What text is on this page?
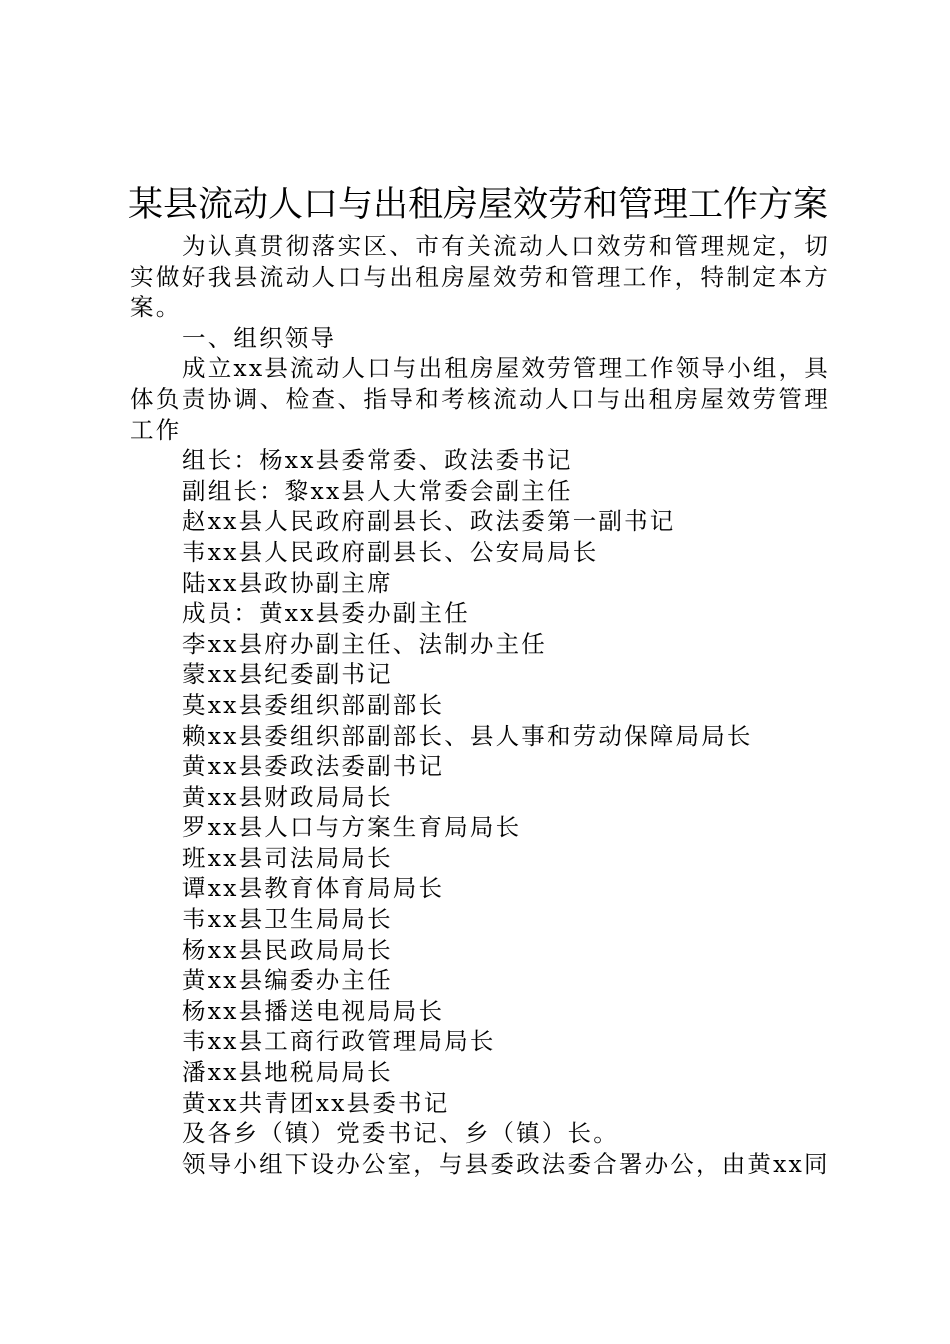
某县流动人口与出租房屋效劳和管理工作方案

为认真贯彻落实区、市有关流动人口效劳和管理规定，切实做好我县流动人口与出租房屋效劳和管理工作，特制定本方案。

一、组织领导

成立xx县流动人口与出租房屋效劳管理工作领导小组，具体负责协调、检查、指导和考核流动人口与出租房屋效劳管理工作

组长：杨xx县委常委、政法委书记

副组长：黎xx县人大常委会副主任

赵xx县人民政府副县长、政法委第一副书记

韦xx县人民政府副县长、公安局局长

陆xx县政协副主席

成员：黄xx县委办副主任

李xx县府办副主任、法制办主任

蒙xx县纪委副书记

莫xx县委组织部副部长

赖xx县委组织部副部长、县人事和劳动保障局局长

黄xx县委政法委副书记

黄xx县财政局局长

罗xx县人口与方案生育局局长

班xx县司法局局长

谭xx县教育体育局局长

韦xx县卫生局局长

杨xx县民政局局长

黄xx县编委办主任

杨xx县播送电视局局长

韦xx县工商行政管理局局长

潘xx县地税局局长

黄xx共青团xx县委书记

及各乡（镇）党委书记、乡（镇）长。

领导小组下设办公室，与县委政法委合署办公，由黄xx同
